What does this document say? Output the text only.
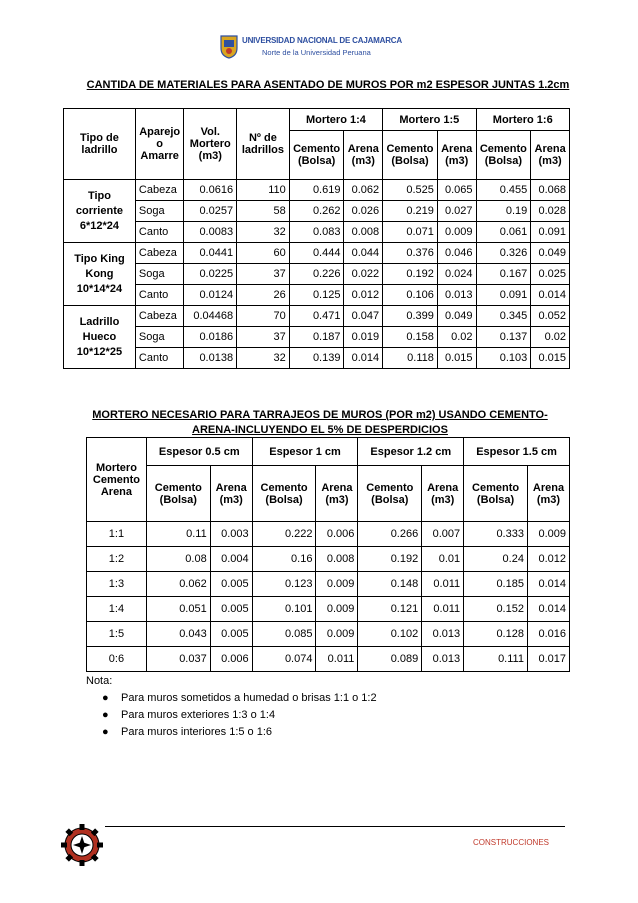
UNIVERSIDAD NACIONAL DE CAJAMARCA
Norte de la Universidad Peruana
CANTIDA DE MATERIALES PARA ASENTADO DE MUROS POR m2 ESPESOR JUNTAS 1.2cm
Tipo de ladrillo	Aparejo o Amarre	Vol. Mortero (m3)	Nº de ladrillos	Mortero 1:4		Mortero 1:5		Mortero 1:6	
				Cemento (Bolsa)	Arena (m3)	Cemento (Bolsa)	Arena (m3)	Cemento (Bolsa)	Arena (m3)
Tipo corriente 6*12*24	Cabeza	0.0616	110	0.619	0.062	0.525	0.065	0.455	0.068
	Soga	0.0257	58	0.262	0.026	0.219	0.027	0.19	0.028
	Canto	0.0083	32	0.083	0.008	0.071	0.009	0.061	0.091
Tipo King Kong 10*14*24	Cabeza	0.0441	60	0.444	0.044	0.376	0.046	0.326	0.049
	Soga	0.0225	37	0.226	0.022	0.192	0.024	0.167	0.025
	Canto	0.0124	26	0.125	0.012	0.106	0.013	0.091	0.014
Ladrillo Hueco 10*12*25	Cabeza	0.04468	70	0.471	0.047	0.399	0.049	0.345	0.052
	Soga	0.0186	37	0.187	0.019	0.158	0.02	0.137	0.02
	Canto	0.0138	32	0.139	0.014	0.118	0.015	0.103	0.015
MORTERO NECESARIO PARA TARRAJEOS DE MUROS (POR m2) USANDO CEMENTO-
ARENA-INCLUYENDO EL 5% DE DESPERDICIOS
Mortero Cemento Arena	Espesor 0.5 cm		Espesor 1 cm		Espesor 1.2 cm		Espesor 1.5 cm	
	Cemento (Bolsa)	Arena (m3)	Cemento (Bolsa)	Arena (m3)	Cemento (Bolsa)	Arena (m3)	Cemento (Bolsa)	Arena (m3)
1:1	0.11	0.003	0.222	0.006	0.266	0.007	0.333	0.009
1:2	0.08	0.004	0.16	0.008	0.192	0.01	0.24	0.012
1:3	0.062	0.005	0.123	0.009	0.148	0.011	0.185	0.014
1:4	0.051	0.005	0.101	0.009	0.121	0.011	0.152	0.014
1:5	0.043	0.005	0.085	0.009	0.102	0.013	0.128	0.016
0:6	0.037	0.006	0.074	0.011	0.089	0.013	0.111	0.017
Nota:
● Para muros sometidos a humedad o brisas 1:1 o 1:2
● Para muros exteriores 1:3 o 1:4
● Para muros interiores 1:5 o 1:6
CONSTRUCCIONES
